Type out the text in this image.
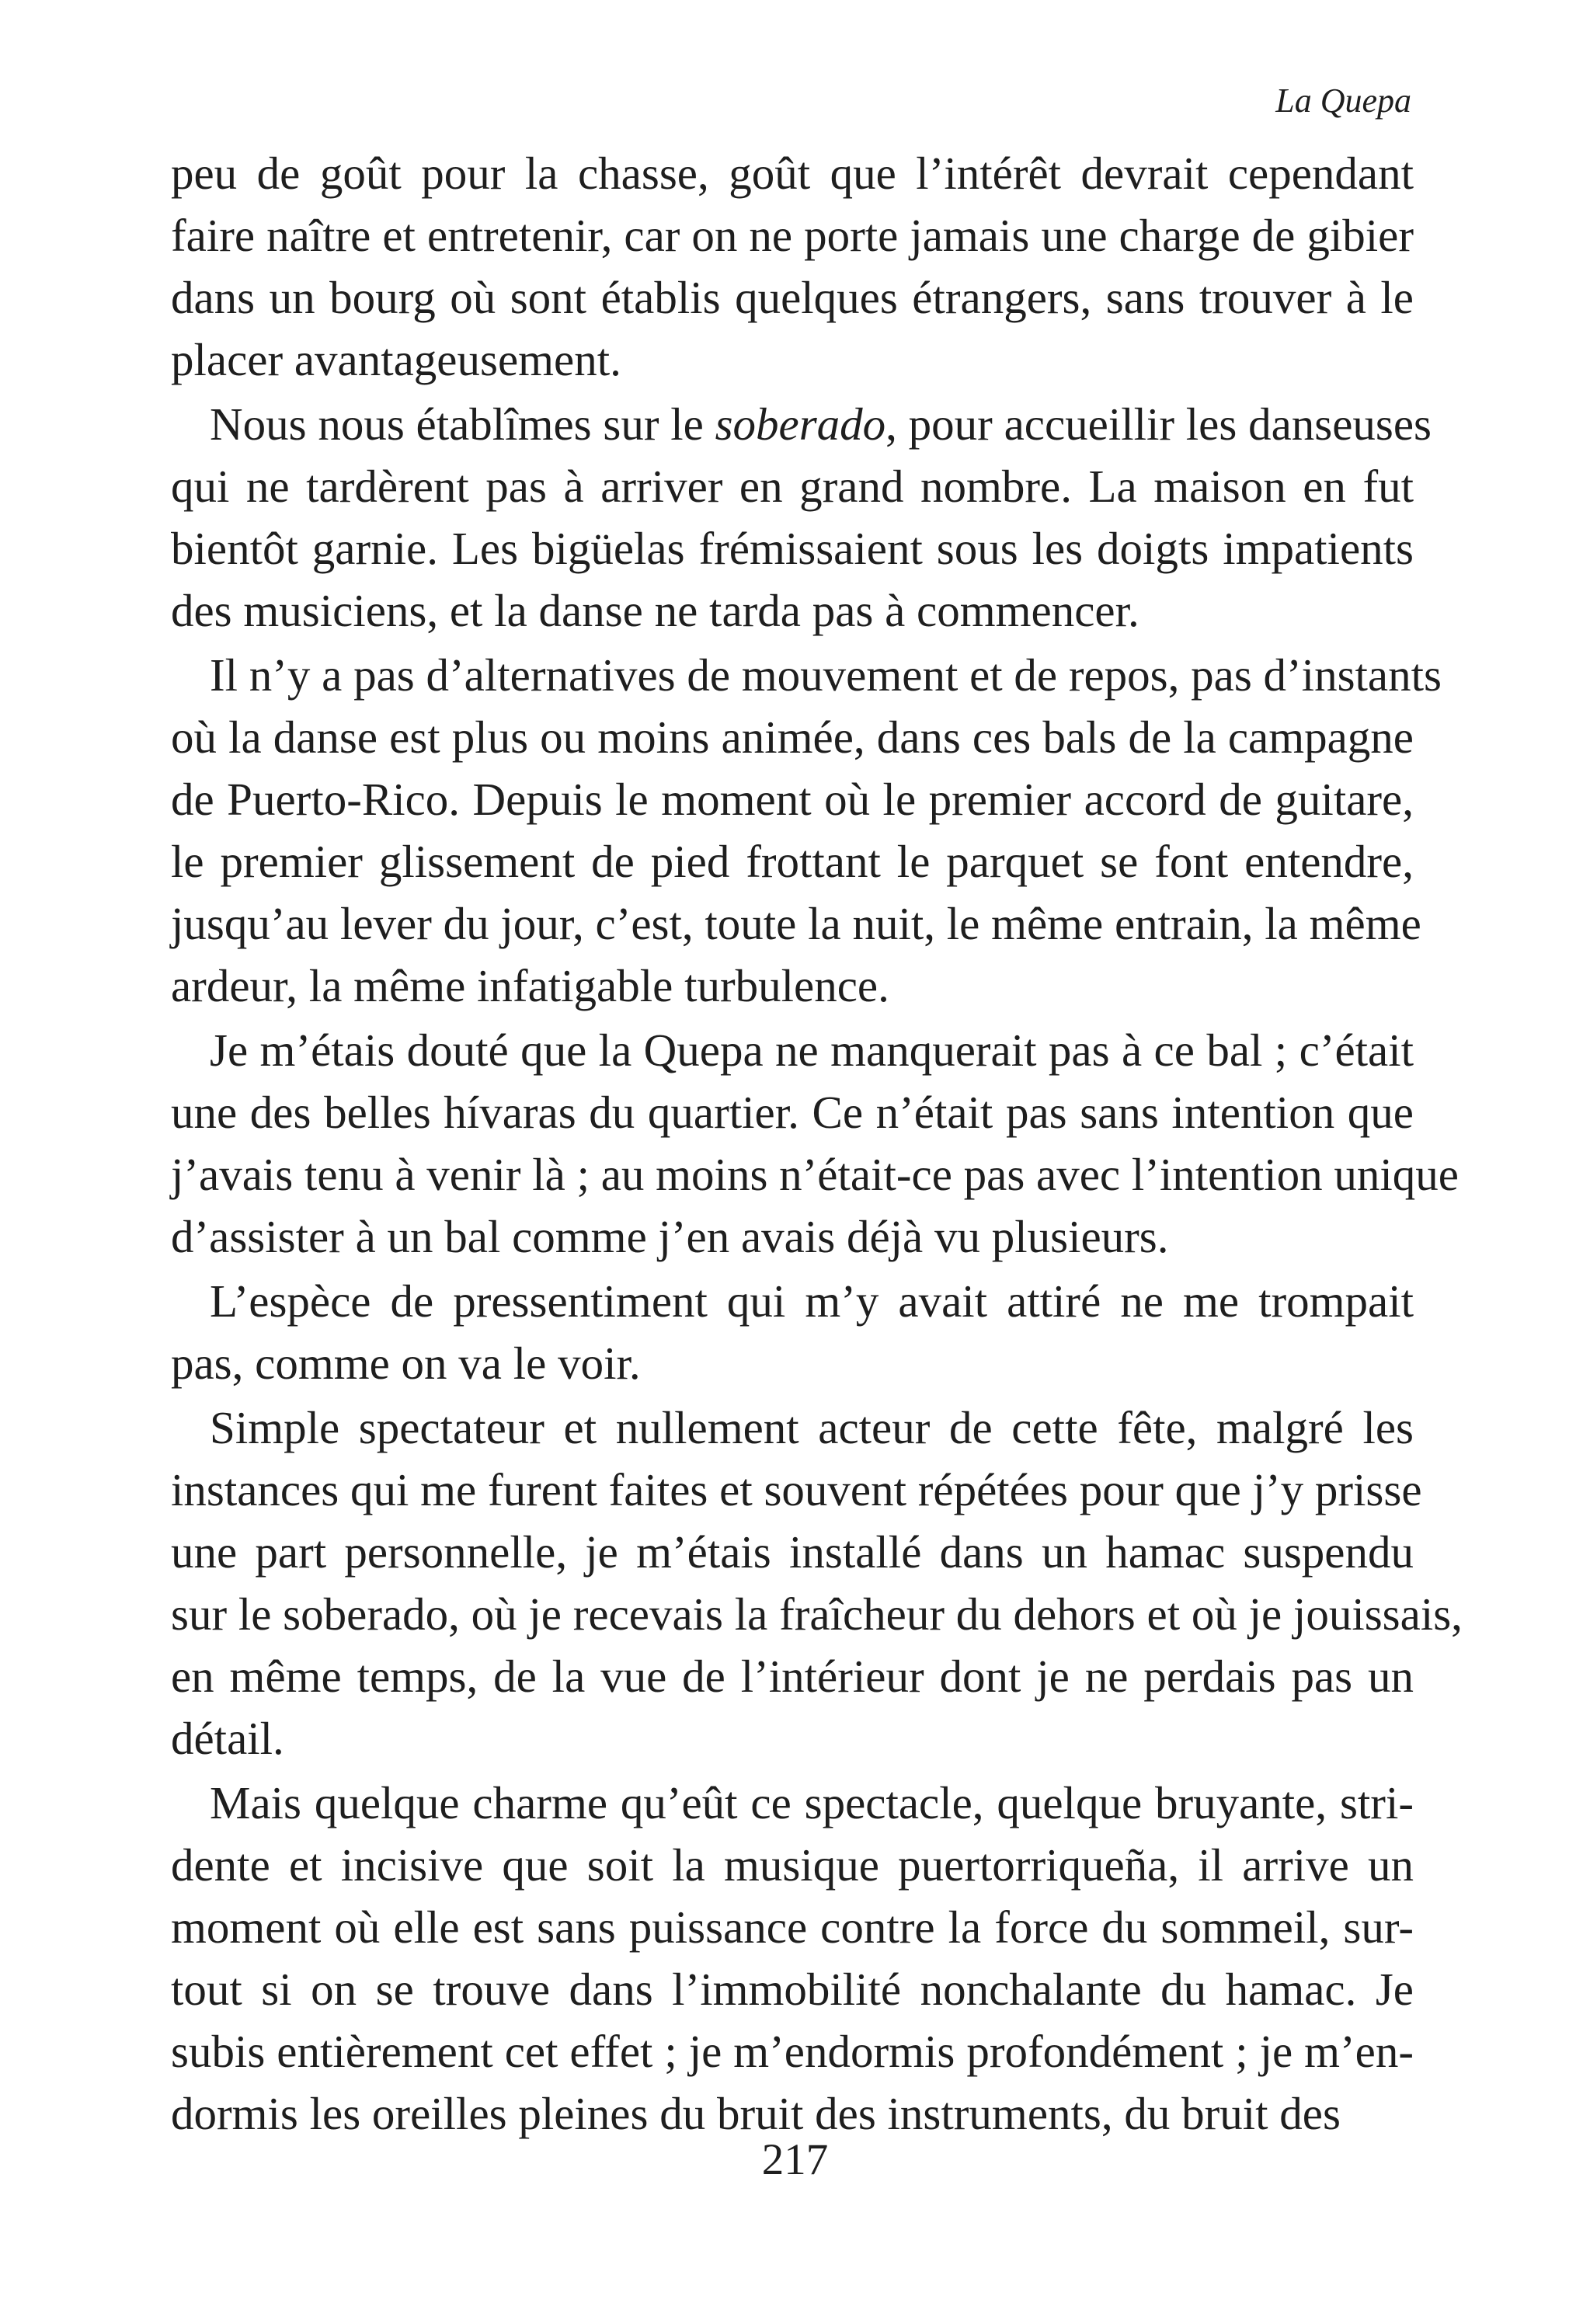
La Quepa
peu de goût pour la chasse, goût que l’intérêt devrait cependant
faire naître et entretenir, car on ne porte jamais une charge de gibier
dans un bourg où sont établis quelques étrangers, sans trouver à le
placer avantageusement.
Nous nous établîmes sur le soberado, pour accueillir les danseuses
qui ne tardèrent pas à arriver en grand nombre. La maison en fut
bientôt garnie. Les bigüelas frémissaient sous les doigts impatients
des musiciens, et la danse ne tarda pas à commencer.
Il n’y a pas d’alternatives de mouvement et de repos, pas d’instants
où la danse est plus ou moins animée, dans ces bals de la campagne
de Puerto-Rico. Depuis le moment où le premier accord de guitare,
le premier glissement de pied frottant le parquet se font entendre,
jusqu’au lever du jour, c’est, toute la nuit, le même entrain, la même
ardeur, la même infatigable turbulence.
Je m’étais douté que la Quepa ne manquerait pas à ce bal ; c’était
une des belles hívaras du quartier. Ce n’était pas sans intention que
j’avais tenu à venir là ; au moins n’était-ce pas avec l’intention unique
d’assister à un bal comme j’en avais déjà vu plusieurs.
L’espèce de pressentiment qui m’y avait attiré ne me trompait
pas, comme on va le voir.
Simple spectateur et nullement acteur de cette fête, malgré les
instances qui me furent faites et souvent répétées pour que j’y prisse
une part personnelle, je m’étais installé dans un hamac suspendu
sur le soberado, où je recevais la fraîcheur du dehors et où je jouissais,
en même temps, de la vue de l’intérieur dont je ne perdais pas un
détail.
Mais quelque charme qu’eût ce spectacle, quelque bruyante, stri-
dente et incisive que soit la musique puertorriqueña, il arrive un
moment où elle est sans puissance contre la force du sommeil, sur-
tout si on se trouve dans l’immobilité nonchalante du hamac. Je
subis entièrement cet effet ; je m’endormis profondément ; je m’en-
dormis les oreilles pleines du bruit des instruments, du bruit des
217
